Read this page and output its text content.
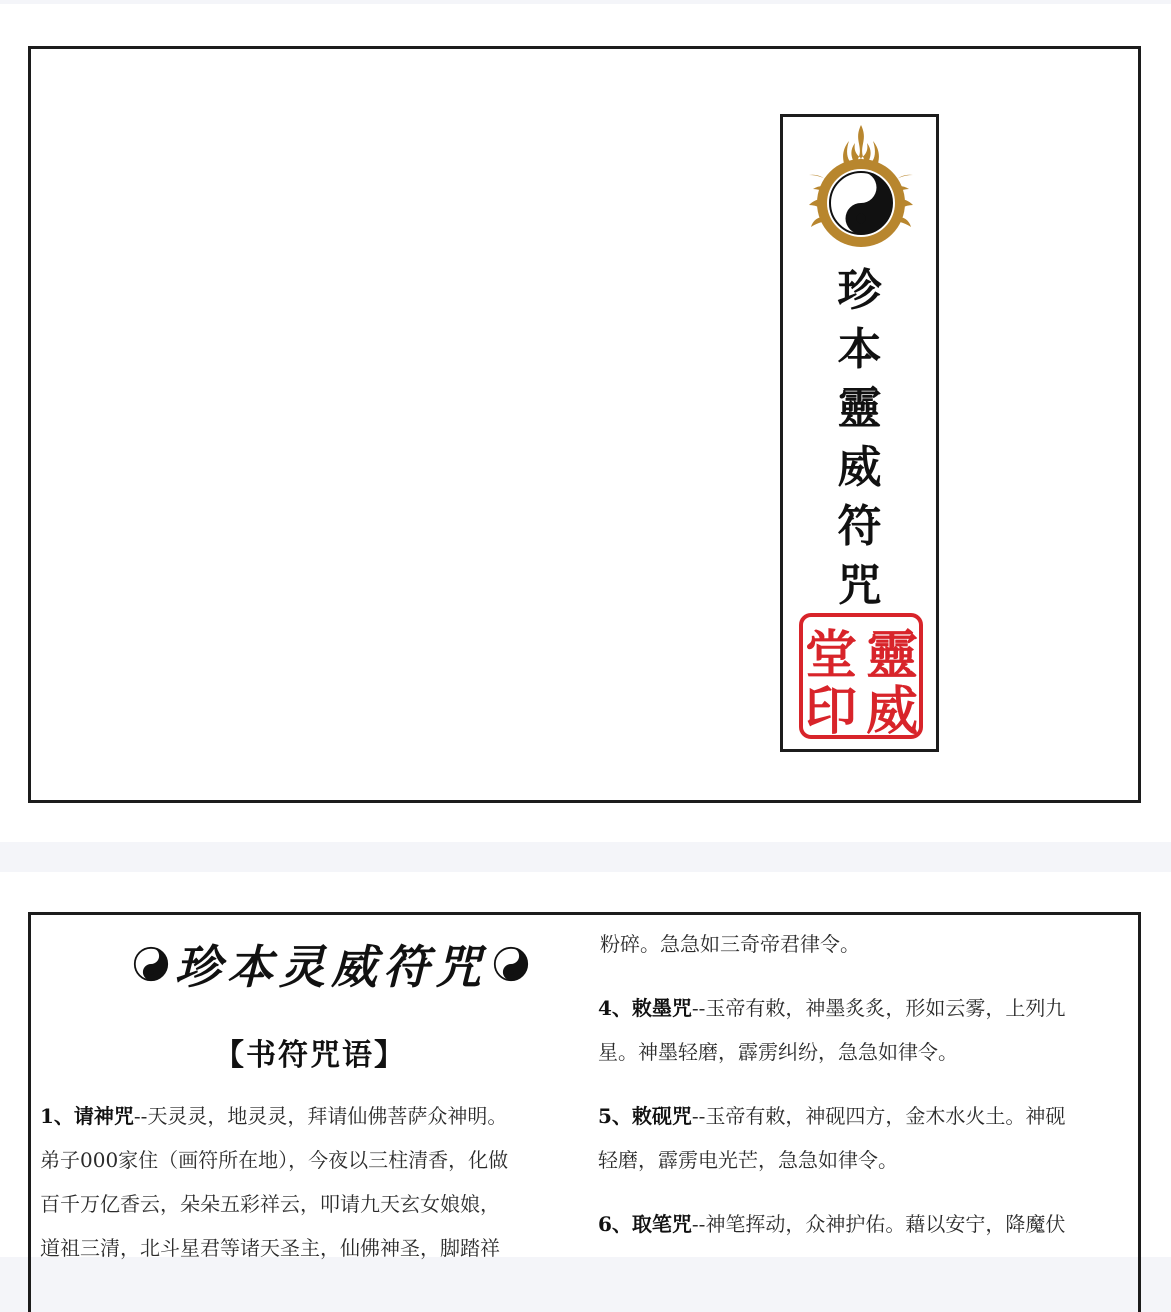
珍
本
靈
威
符
咒
靈
威
堂
印
珍本灵威符咒
【书符咒语】
1、请神咒--天灵灵，地灵灵，拜请仙佛菩萨众神明。
弟子000家住（画符所在地），今夜以三柱清香，化做
百千万亿香云，朵朵五彩祥云，叩请九天玄女娘娘，
道祖三清，北斗星君等诸天圣主，仙佛神圣，脚踏祥
粉碎。急急如三奇帝君律令。
4、敕墨咒--玉帝有敕，神墨炙炙，形如云雾，上列九
星。神墨轻磨，霹雳纠纷，急急如律令。
5、敕砚咒--玉帝有敕，神砚四方，金木水火土。神砚
轻磨，霹雳电光芒，急急如律令。
6、取笔咒--神笔挥动，众神护佑。藉以安宁，降魔伏
